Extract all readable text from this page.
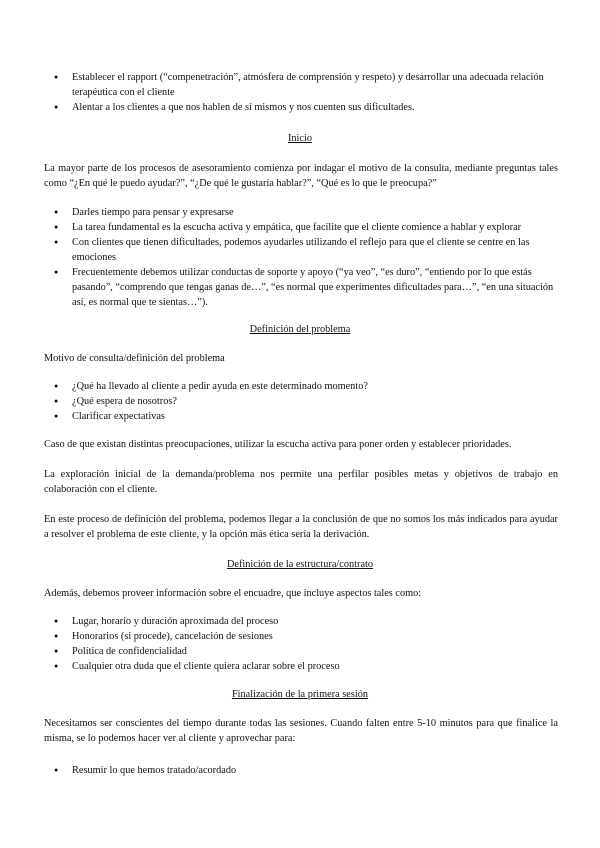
● Establecer el rapport (“compenetración”, atmósfera de comprensión y respeto) y desarrollar una adecuada relación terapéutica con el cliente
● Alentar a los clientes a que nos hablen de sí mismos y nos cuenten sus dificultades.
Inicio
La mayor parte de los procesos de asesoramiento comienza por indagar el motivo de la consulta, mediante preguntas tales como “¿En qué le puedo ayudar?”, “¿De qué le gustaría hablar?”, “Qué es lo que le preocupa?”
● Darles tiempo para pensar y expresarse
● La tarea fundamental es la escucha activa y empática, que facilite que el cliente comience a hablar y explorar
● Con clientes que tienen dificultades, podemos ayudarles utilizando el reflejo para que el cliente se centre en las emociones
● Frecuentemente debemos utilizar conductas de soporte y apoyo (“ya veo”, “es duro”, “entiendo por lo que estás pasando”, “comprendo que tengas ganas de…”, “es normal que experimentes dificultades para…”, “en una situación así, es normal que te sientas…”).
Definición del problema
Motivo de consulta/definición del problema
● ¿Qué ha llevado al cliente a pedir ayuda en este determinado momento?
● ¿Qué espera de nosotros?
● Clarificar expectativas
Caso de que existan distintas preocupaciones, utilizar la escucha activa para poner orden y establecer prioridades.
La exploración inicial de la demanda/problema nos permite una perfilar posibles metas y objetivos de trabajo en colaboración con el cliente.
En este proceso de definición del problema, podemos llegar a la conclusión de que no somos los más indicados para ayudar a resolver el problema de este cliente, y la opción más ética sería la derivación.
Definición de la estructura/contrato
Además, debemos proveer información sobre el encuadre, que incluye aspectos tales como:
● Lugar, horario y duración aproximada del proceso
● Honorarios (si procede), cancelación de sesiones
● Política de confidencialidad
● Cualquier otra duda que el cliente quiera aclarar sobre el proceso
Finalización de la primera sesión
Necesitamos ser conscientes del tiempo durante todas las sesiones. Cuando falten entre 5-10 minutos para que finalice la misma, se lo podemos hacer ver al cliente y aprovechar para:
● Resumir lo que hemos tratado/acordado
